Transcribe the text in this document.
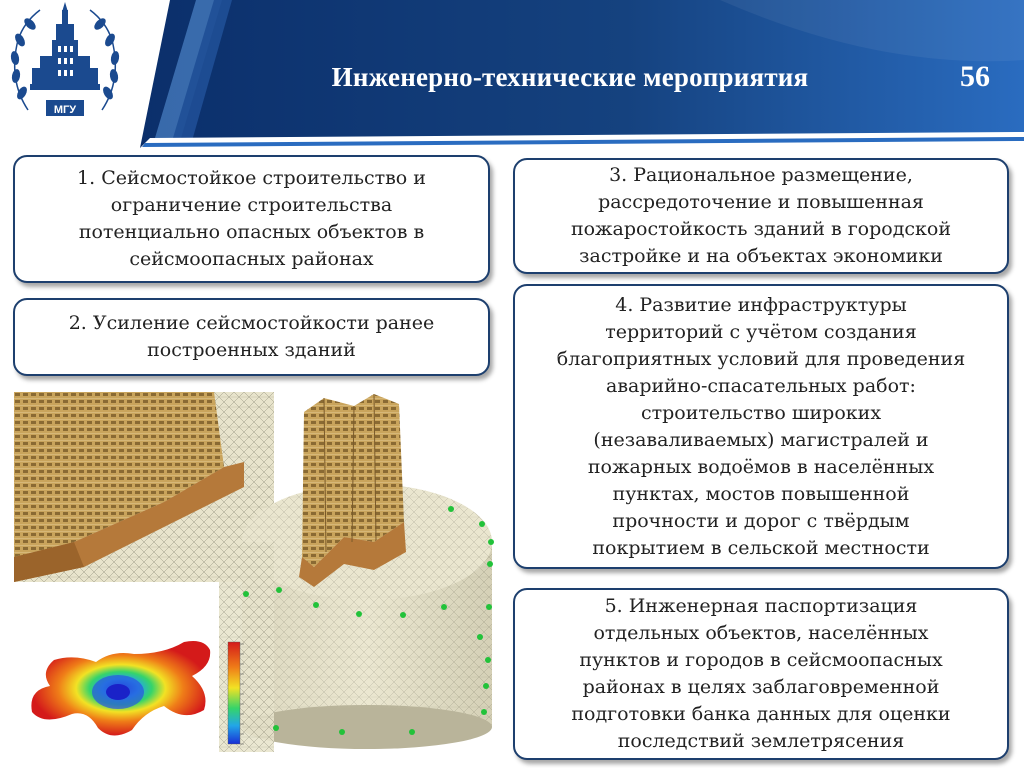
МГУ
Инженерно-технические мероприятия	56
1. Сейсмостойкое строительство и
ограничение строительства
потенциально опасных объектов в
сейсмоопасных районах
2. Усиление сейсмостойкости ранее
построенных зданий
3. Рациональное размещение,
рассредоточение и повышенная
пожаростойкость зданий в городской
застройке и на объектах экономики
4. Развитие инфраструктуры
территорий с учётом создания
благоприятных условий для проведения
аварийно-спасательных работ:
строительство широких
(незаваливаемых) магистралей и
пожарных водоёмов в населённых
пунктах, мостов повышенной
прочности и дорог с твёрдым
покрытием в сельской местности
5. Инженерная паспортизация
отдельных объектов, населённых
пунктов и городов в сейсмоопасных
районах в целях заблаговременной
подготовки банка данных для оценки
последствий землетрясения
